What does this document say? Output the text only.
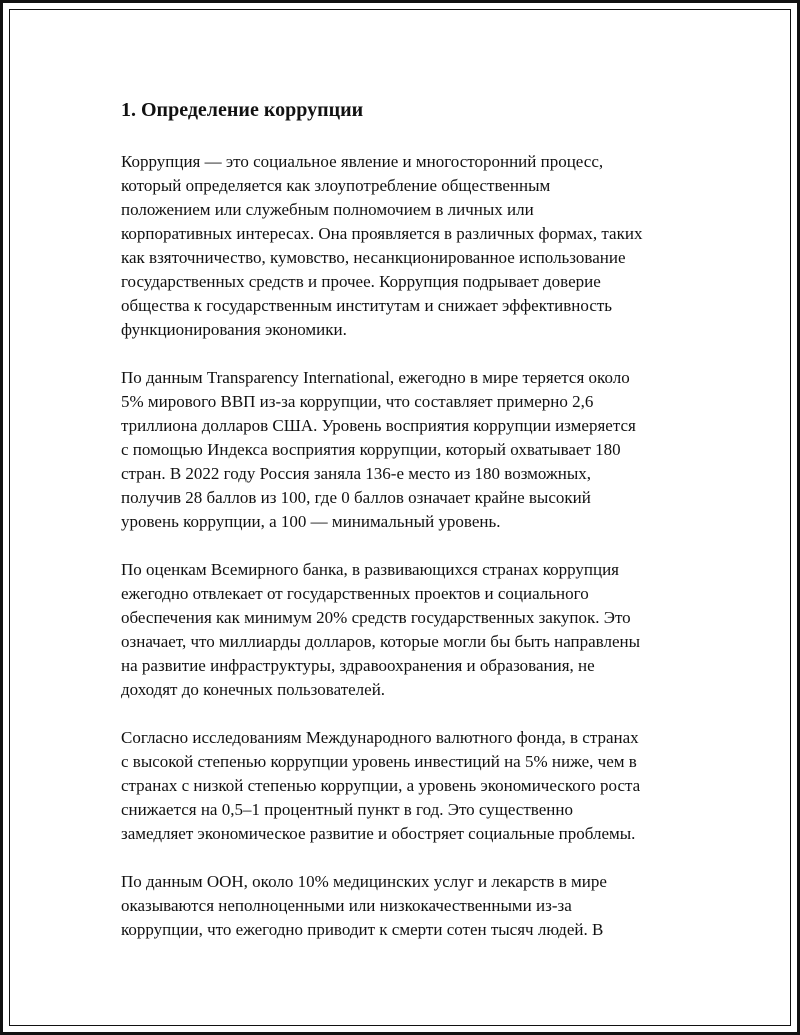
1. Определение коррупции

Коррупция — это социальное явление и многосторонний процесс,
который определяется как злоупотребление общественным
положением или служебным полномочием в личных или
корпоративных интересах. Она проявляется в различных формах, таких
как взяточничество, кумовство, несанкционированное использование
государственных средств и прочее. Коррупция подрывает доверие
общества к государственным институтам и снижает эффективность
функционирования экономики.

По данным Transparency International, ежегодно в мире теряется около
5% мирового ВВП из-за коррупции, что составляет примерно 2,6
триллиона долларов США. Уровень восприятия коррупции измеряется
с помощью Индекса восприятия коррупции, который охватывает 180
стран. В 2022 году Россия заняла 136-е место из 180 возможных,
получив 28 баллов из 100, где 0 баллов означает крайне высокий
уровень коррупции, а 100 — минимальный уровень.

По оценкам Всемирного банка, в развивающихся странах коррупция
ежегодно отвлекает от государственных проектов и социального
обеспечения как минимум 20% средств государственных закупок. Это
означает, что миллиарды долларов, которые могли бы быть направлены
на развитие инфраструктуры, здравоохранения и образования, не
доходят до конечных пользователей.

Согласно исследованиям Международного валютного фонда, в странах
с высокой степенью коррупции уровень инвестиций на 5% ниже, чем в
странах с низкой степенью коррупции, а уровень экономического роста
снижается на 0,5–1 процентный пункт в год. Это существенно
замедляет экономическое развитие и обостряет социальные проблемы.

По данным ООН, около 10% медицинских услуг и лекарств в мире
оказываются неполноценными или низкокачественными из-за
коррупции, что ежегодно приводит к смерти сотен тысяч людей. В
